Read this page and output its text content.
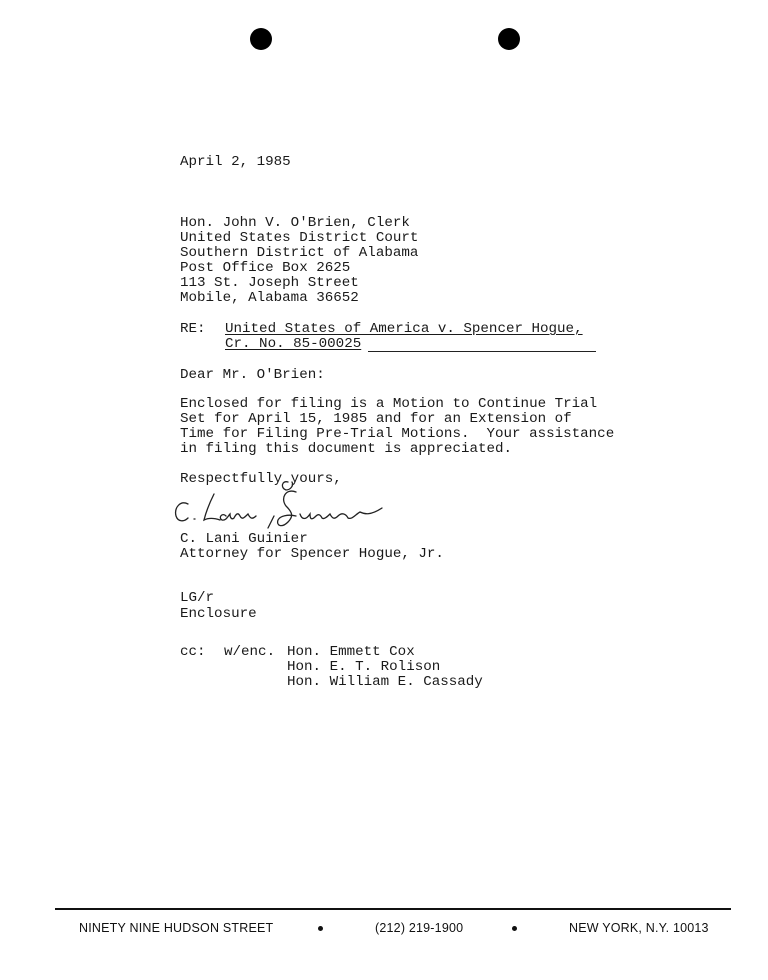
April 2, 1985
Hon. John V. O'Brien, Clerk
United States District Court
Southern District of Alabama
Post Office Box 2625
113 St. Joseph Street
Mobile, Alabama 36652
RE: United States of America v. Spencer Hogue,
Cr. No. 85-00025
Dear Mr. O'Brien:
Enclosed for filing is a Motion to Continue Trial
Set for April 15, 1985 and for an Extension of
Time for Filing Pre-Trial Motions.  Your assistance
in filing this document is appreciated.
Respectfully yours,
C. Lani Guinier
Attorney for Spencer Hogue, Jr.
LG/r
Enclosure
cc: w/enc. Hon. Emmett Cox
Hon. E. T. Rolison
Hon. William E. Cassady
NINETY NINE HUDSON STREET	(212) 219-1900	NEW YORK, N.Y. 10013
